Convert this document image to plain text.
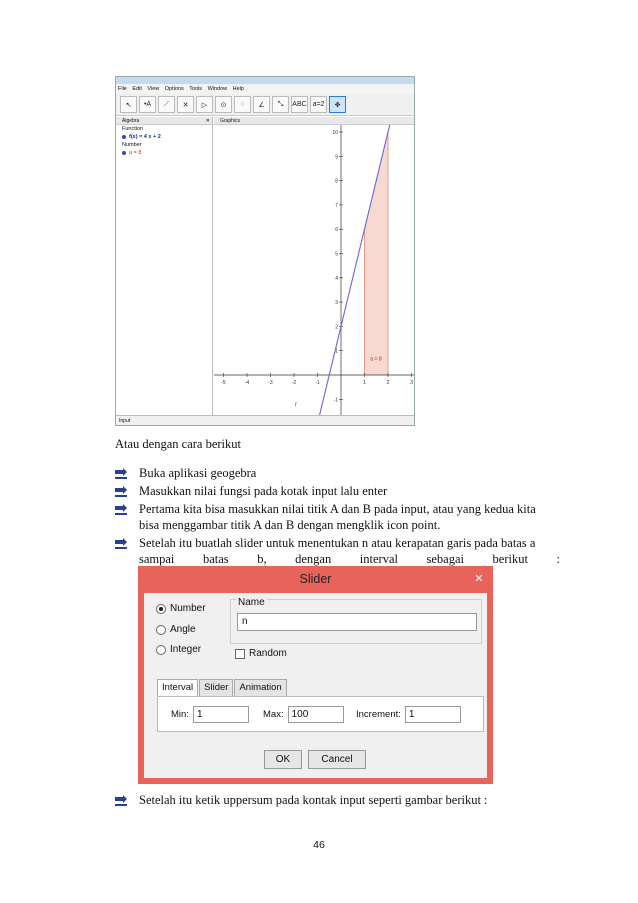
File Edit View Options Tools Window Help
↖	•A	⟋	✕	▷	⊙	◌	∠	⤡	ABC a=2	✥
Algebra	✕
Function
f(x) = 4 x + 2
Number
a = 8
Graphics
-5	-4	-3	-2	-1	1	2	3
10
9
8
7
6
5
4
3
2
1
-1
f
a = 8
Input
Atau dengan cara berikut
Buka aplikasi geogebra
Masukkan nilai fungsi pada kotak input lalu enter
Pertama kita bisa masukkan nilai titik A dan B pada input, atau yang kedua kita
bisa menggambar titik A dan B dengan mengklik icon point.
Setelah itu buatlah slider untuk menentukan n atau kerapatan garis pada batas a
sampai batas b, dengan interval sebagai berikut :
Slider	✕
Number
Angle
Integer
Name
n
Random
Interval	Slider	Animation
Min: 1	Max: 100	Increment: 1
OK	Cancel
Setelah itu ketik uppersum pada kontak input seperti gambar berikut :
46
